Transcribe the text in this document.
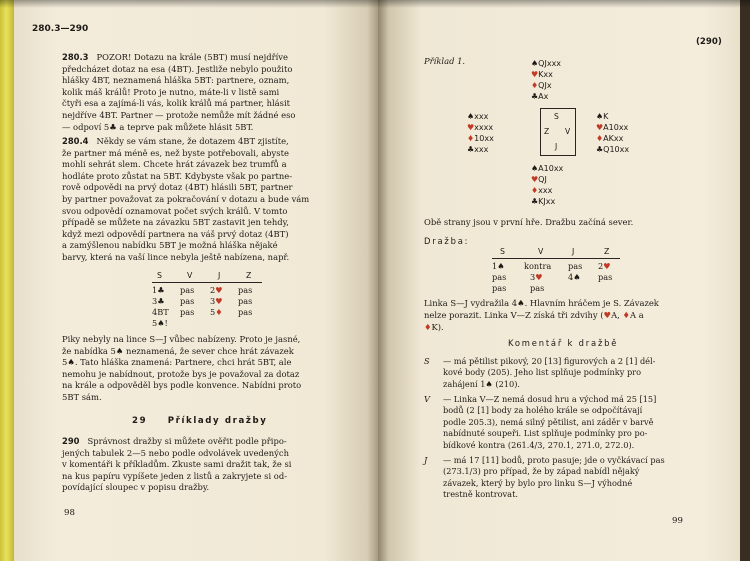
280.3—290
280.3 POZOR! Dotazu na krále (5BT) musí nejdříve
předcházet dotaz na esa (4BT). Jestliže nebylo použito
hlášky 4BT, neznamená hláška 5BT: partnere, oznam,
kolik máš králů! Proto je nutno, máte-li v listě sami
čtyři esa a zajímá-li vás, kolik králů má partner, hlásit
nejdříve 4BT. Partner — protože nemůže mít žádné eso
— odpoví 5♣ a teprve pak můžete hlásit 5BT.
280.4 Někdy se vám stane, že dotazem 4BT zjistíte,
že partner má méně es, než byste potřebovali, abyste
mohli sehrát slem. Chcete hrát závazek bez trumfů a
hodláte proto zůstat na 5BT. Kdybyste však po partne-
rově odpovědi na prvý dotaz (4BT) hlásili 5BT, partner
by partner považovat za pokračování v dotazu a bude vám
svou odpovědí oznamovat počet svých králů. V tomto
případě se můžete na závazku 5BT zastavit jen tehdy,
když mezi odpovědí partnera na váš prvý dotaz (4BT)
a zamýšlenou nabídku 5BT je možná hláška nějaké
barvy, která na vaší lince nebyla ještě nabízena, např.
S	V	J	Z
1♣ pas 2♥ pas
3♣ pas 3♥ pas
4BT pas 5♦ pas
5♠!
Piky nebyly na lince S—J vůbec nabízeny. Proto je jasné,
že nabídka 5♠ neznamená, že sever chce hrát závazek
5♠. Tato hláška znamená: Partnere, chci hrát 5BT, ale
nemohu je nabídnout, protože bys je považoval za dotaz
na krále a odpověděl bys podle konvence. Nabídni proto
5BT sám.
29 Příklady dražby
290 Správnost dražby si můžete ověřit podle připo-
jených tabulek 2—5 nebo podle odvolávek uvedených
v komentáři k příkladům. Zkuste sami dražit tak, že si
na kus papíru vypíšete jeden z listů a zakryjete si od-
povídající sloupec v popisu dražby.
98
(290)
Příklad 1.	♠QJxxx
♥Kxx
♦QJx
♣Ax
♠xxx
♥xxxx
♦10xx
♣xxx
S
Z V
J
♠K
♥A10xx
♦AKxx
♣Q10xx
♠A10xx
♥QJ
♦xxx
♣KJxx
Obě strany jsou v první hře. Dražbu začíná sever.
Dražba:
S	V	J	Z
1♠ kontra pas 2♥
pas	3♥	4♠ pas
pas	pas
Linka S—J vydražila 4♠. Hlavním hráčem je S. Závazek
nelze porazit. Linka V—Z získá tři zdvihy (♥A, ♦A a
♦K).
Komentář k dražbě
S — má pětilist pikový, 20 [13] figurových a 2 [1] dél-
kové body (205). Jeho list splňuje podmínky pro
zahájení 1♠ (210).
V — Linka V—Z nemá dosud hru a východ má 25 [15]
bodů (2 [1] body za holého krále se odpočítávají
podle 205.3), nemá silný pětilist, ani záděr v barvě
nabídnuté soupeři. List splňuje podmínky pro po-
bídkové kontra (261.4/3, 270.1, 271.0, 272.0).
J — má 17 [11] bodů, proto pasuje; jde o vyčkávací pas
(273.1/3) pro případ, že by západ nabídl nějaký
závazek, který by bylo pro linku S—J výhodné
trestně kontrovat.
99
